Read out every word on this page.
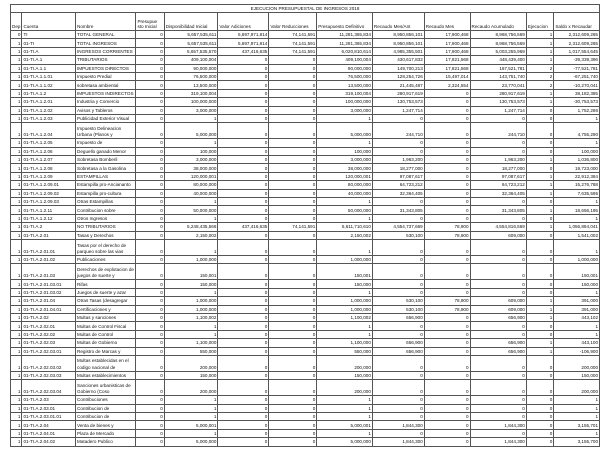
EJECUCION PRESUPUESTAL DE INGRESOS 2018												
Dep	Cuenta	Nombre	Presupue sto Inicial	Disponibilidad Inicial	Valor Adiciones	Valor Reducciones	Presupuesto Definitivo	Recaudo Mes/Ant	Recaudo Mes	Recaudo Acumulado	Ejecucion	Saldo x Recaudar
0	TI	TOTAL GENERAL	0	5,657,535,611	5,697,971,814	74,141,591	11,281,365,834	8,950,856,101	17,900,468	8,968,756,569	1	2,312,609,265
1	01-TI	TOTAL INGRESOS	0	5,657,535,611	5,697,971,814	74,141,591	11,281,365,834	8,950,856,101	17,900,468	8,968,756,569	1	2,312,609,265
1	01-TI.A	INGRESOS CORRIENTES	0	5,657,535,570	437,416,635	74,141,591	6,020,810,614	4,985,355,501	17,900,468	5,003,255,969	1	1,017,554,645
1	01-TI.A.1	TRIBUTARIOS	0	409,100,004	0	0	409,100,004	430,617,832	17,821,568	448,439,400	1	-39,339,396
1	01-TI.A.1.1	IMPUESTOS DIRECTOS	0	90,000,000	0	0	90,000,000	149,700,213	17,821,568	167,521,781	2	-77,521,781
1	01-TI.A.1.1.01	Impuesto Predial	0	76,500,000	0	0	76,500,000	128,254,726	15,497,014	143,751,740	2	-67,251,740
1	01-TI.A.1.1.02	sobretasa ambiental	0	13,500,000	0	0	13,500,000	21,445,487	2,324,554	23,770,041	2	-10,270,041
1	01-TI.A.1.2	IMPUESTOS INDIRECTOS	0	319,100,004	0	0	319,100,004	280,917,619	0	280,917,619	1	38,182,385
1	01-TI.A.1.2.01	Industria y Comercio	0	100,000,000	0	0	100,000,000	130,753,573	0	130,753,573	1	-30,753,573
1	01-TI.A.1.2.02	Avisos y Tableros	0	3,000,000	0	0	3,000,000	1,247,714	0	1,247,714	0	1,752,286
1	01-TI.A.1.2.03	Publicidad Exterior Visual	0	1	0	0	1	0	0	0	0	1
1	01-TI.A.1.2.04	Impuesto Delineacion Urbana (Planos y	0	5,000,000	0	0	5,000,000	244,710	0	244,710	0	4,755,290
1	01-TI.A.1.2.05	Impuesto de	0	1	0	0	1	0	0	0	0	1
1	01-TI.A.1.2.06	Deguello ganado Menor	0	100,000	0	0	100,000	0	0	0	0	100,000
1	01-TI.A.1.2.07	Sobretasa Bomberil	0	3,000,000	0	0	3,000,000	1,963,200	0	1,963,200	1	1,036,800
1	01-TI.A.1.2.08	Sobretasa a la Gasolina	0	38,000,000	0	0	38,000,000	18,277,000	0	18,277,000	0	19,723,000
1	01-TI.A.1.2.09	ESTAMPILLAS	0	120,000,001	0	0	120,000,001	97,087,617	0	97,087,617	1	22,912,384
1	01-TI.A.1.2.09.01	Estampilla pro-Anciananto	0	80,000,000	0	0	80,000,000	64,723,212	0	64,723,212	1	15,276,788
1	01-TI.A.1.2.09.02	Estampilla pro-cultura	0	40,000,000	0	0	40,000,000	32,364,405	0	32,364,405	1	7,635,595
1	01-TI.A.1.2.09.03	Otras Estampillas	0	1	0	0	1	0	0	0	0	1
1	01-TI.A.1.2.11	Contribucion sobre	0	50,000,000	0	0	50,000,000	31,343,805	0	31,343,805	1	18,656,195
1	01-TI.A.1.2.12	Otros Ingresos	0	1	0	0	1	0	0	0	0	1
1	01-TI.A.2	NO TRIBUTARIOS	0	5,248,435,566	437,416,635	74,141,591	5,611,710,610	4,554,737,669	78,900	4,554,816,569	1	1,056,894,041
1	01-TI.A.2.01	Tasas y Derechos	0	2,150,002	0	0	2,150,002	530,100	78,900	609,000	0	1,541,002
1	01-TI.A.2.01.01	Tasas por el derecho de parqueo sobre las vias	0	1	0	0	1	0	0	0	0	1
1	01-TI.A.2.01.02	Publicaciones	0	1,000,000	0	0	1,000,000	0	0	0	0	1,000,000
1	01-TI.A.2.01.03	Derechos de explotacion de juegos de suerte y	0	150,001	0	0	150,001	0	0	0	0	150,001
1	01-TI.A.2.01.03.01	Rifas	0	150,000	0	0	150,000	0	0	0	0	150,000
1	01-TI.A.2.01.03.02	Juegos de suerte y azar	0	1	0	0	1	0	0	0	0	1
1	01-TI.A.2.01.04	Otras Tasas (desagregar	0	1,000,000	0	0	1,000,000	530,100	78,900	609,000	1	391,000
1	01-TI.A.2.01.04.01	Certificaciones y	0	1,000,000	0	0	1,000,000	530,100	78,900	609,000	1	391,000
1	01-TI.A.2.02	Multas y sanciones	0	1,100,002	0	0	1,100,002	656,900	0	656,900	1	443,102
1	01-TI.A.2.02.01	Multas de Control Fiscal	0	1	0	0	1	0	0	0	0	1
1	01-TI.A.2.02.02	Multas de Control	0	1	0	0	1	0	0	0	0	1
1	01-TI.A.2.02.03	Multas de Gobierno	0	1,100,000	0	0	1,100,000	656,900	0	656,900	1	443,100
1	01-TI.A.2.02.03.01	Registro de Marcas y	0	550,000	0	0	550,000	656,900	0	656,900	1	-106,900
1	01-TI.A.2.02.03.02	Multas establecidas en el codigo nacional de	0	200,000	0	0	200,000	0	0	0	0	200,000
1	01-TI.A.2.02.03.03	Multas establecimientos	0	150,000	0	0	150,000	0	0	0	0	150,000
1	01-TI.A.2.02.03.04	Sanciones urbanisticas de Gobierno (Coso	0	200,000	0	0	200,000	0	0	0	0	200,000
1	01-TI.A.2.03	Contribuciones	0	1	0	0	1	0	0	0	0	1
1	01-TI.A.2.03.01	Contribucion de	0	1	0	0	1	0	0	0	0	1
1	01-TI.A.2.03.01.01	Contribucion de	0	1	0	0	1	0	0	0	0	1
1	01-TI.A.2.04	Venta de bienes y	0	5,000,001	0	0	5,000,001	1,844,300	0	1,844,300	0	3,155,701
1	01-TI.A.2.04.01	Plaza de Mercado	0	1	0	0	1	0	0	0	0	1
1	01-TI.A.2.04.02	Matadero Publico	0	5,000,000	0	0	5,000,000	1,844,300	0	1,844,300	0	3,155,700
